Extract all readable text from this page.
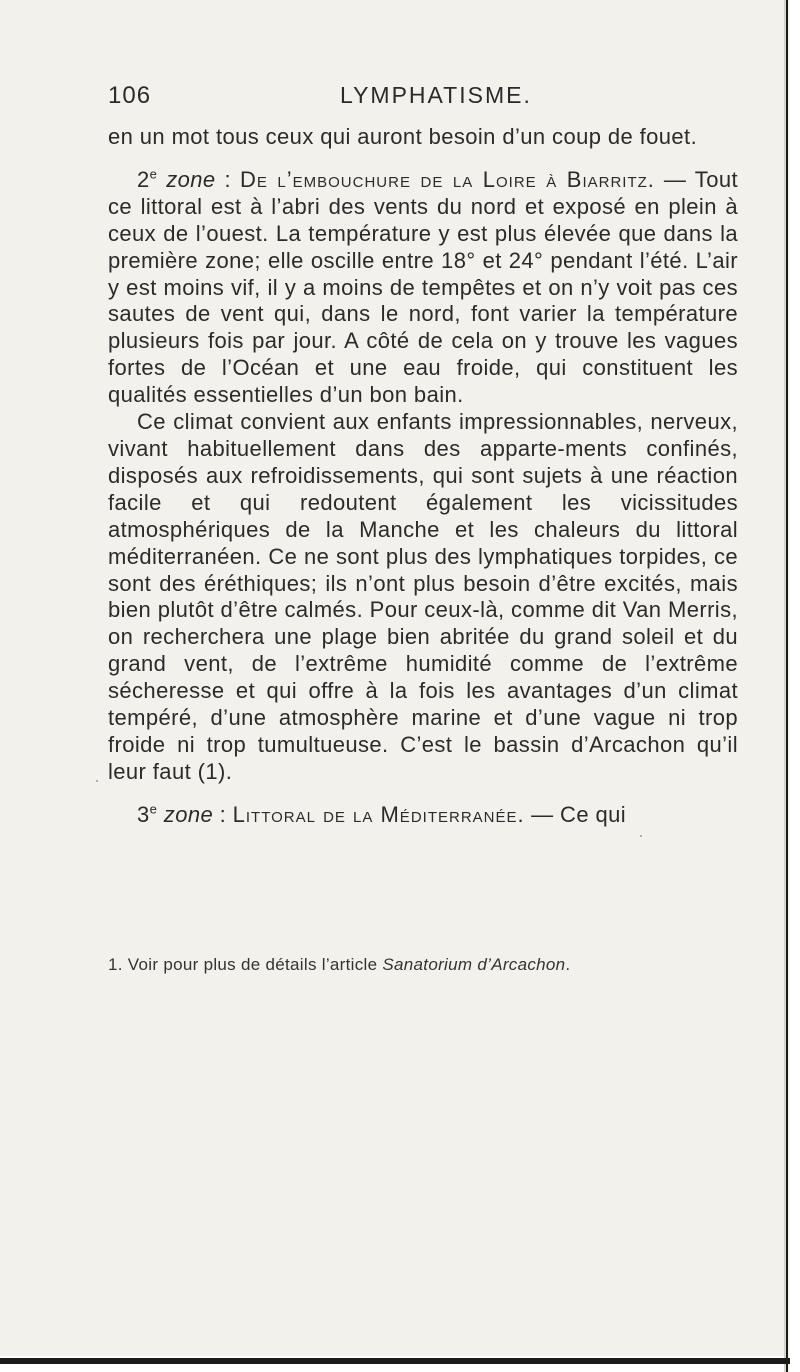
106	LYMPHATISME.

en un mot tous ceux qui auront besoin d’un coup de fouet.

2e zone : De l’embouchure de la Loire à Biarritz. — Tout ce littoral est à l’abri des vents du nord et exposé en plein à ceux de l’ouest. La température y est plus élevée que dans la première zone; elle oscille entre 18° et 24° pendant l’été. L’air y est moins vif, il y a moins de tempêtes et on n’y voit pas ces sautes de vent qui, dans le nord, font varier la température plusieurs fois par jour. A côté de cela on y trouve les vagues fortes de l’Océan et une eau froide, qui constituent les qualités essentielles d’un bon bain.

Ce climat convient aux enfants impressionnables, nerveux, vivant habituellement dans des apparte-ments confinés, disposés aux refroidissements, qui sont sujets à une réaction facile et qui redoutent également les vicissitudes atmosphériques de la Manche et les chaleurs du littoral méditerranéen. Ce ne sont plus des lymphatiques torpides, ce sont des éréthiques; ils n’ont plus besoin d’être excités, mais bien plutôt d’être calmés. Pour ceux-là, comme dit Van Merris, on recherchera une plage bien abritée du grand soleil et du grand vent, de l’extrême humidité comme de l’extrême sécheresse et qui offre à la fois les avantages d’un climat tempéré, d’une atmosphère marine et d’une vague ni trop froide ni trop tumultueuse. C’est le bassin d’Arcachon qu’il leur faut (1).

3e zone : Littoral de la Méditerranée. — Ce qui

1. Voir pour plus de détails l’article Sanatorium d’Arcachon.
